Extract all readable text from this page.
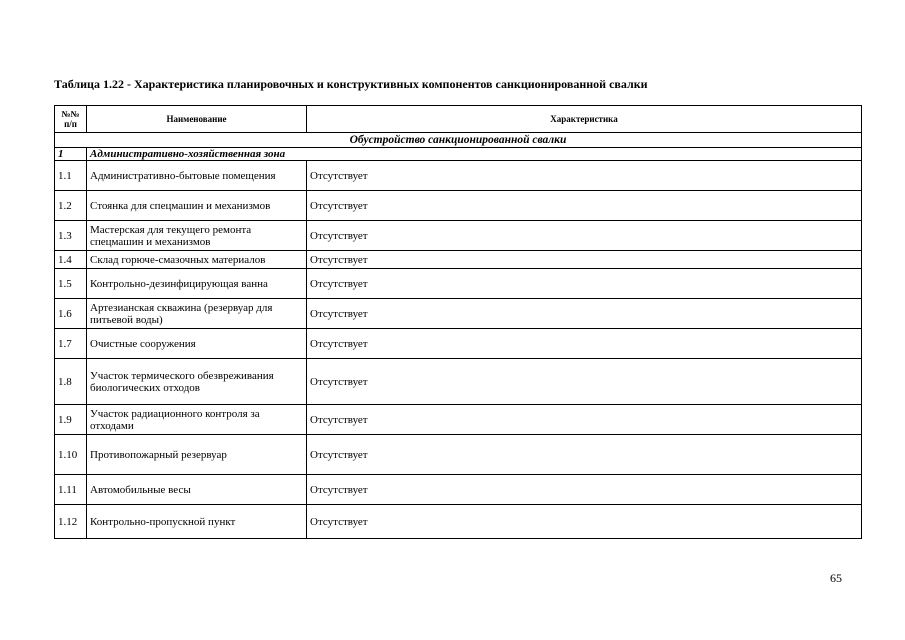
Таблица 1.22 - Характеристика планировочных и конструктивных компонентов санкционированной свалки
№№ п/п	Наименование	Характеристика
Обустройство санкционированной свалки		
1	Административно-хозяйственная зона	
1.1	Административно-бытовые помещения	Отсутствует
1.2	Стоянка для спецмашин и механизмов	Отсутствует
1.3	Мастерская для текущего ремонта спецмашин и механизмов	Отсутствует
1.4	Склад горюче-смазочных материалов	Отсутствует
1.5	Контрольно-дезинфицирующая ванна	Отсутствует
1.6	Артезианская скважина (резервуар для питьевой воды)	Отсутствует
1.7	Очистные сооружения	Отсутствует
1.8	Участок термического обезвреживания биологических отходов	Отсутствует
1.9	Участок радиационного контроля за отходами	Отсутствует
1.10	Противопожарный резервуар	Отсутствует
1.11	Автомобильные весы	Отсутствует
1.12	Контрольно-пропускной пункт	Отсутствует
65
